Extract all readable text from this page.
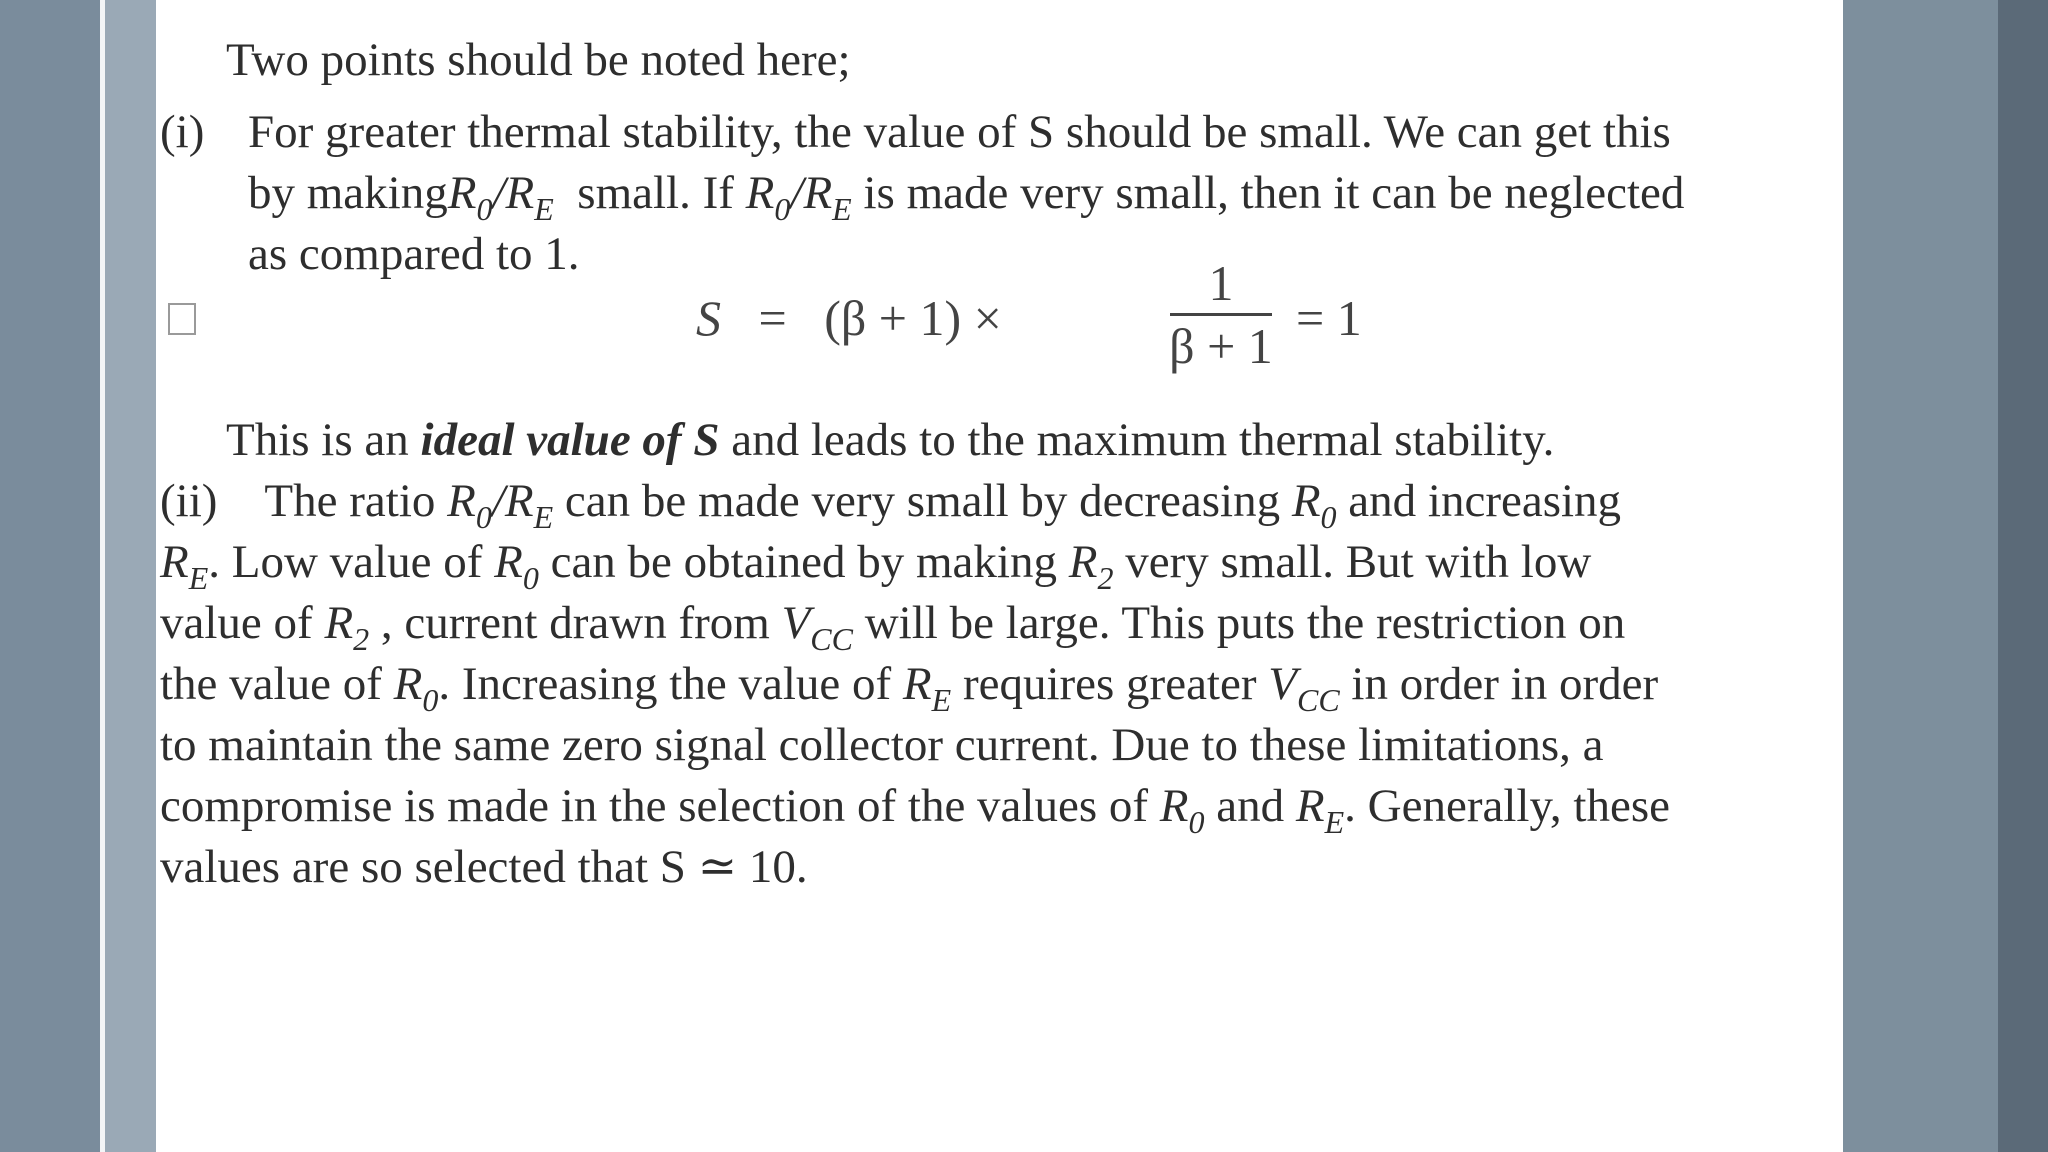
Two points should be noted here;
(i) For greater thermal stability, the value of S should be small. We can get this
by $makingR_0/R_E$ small. If $R_0/R_E$ is made very small, then it can be neglected
as compared to 1.
S = (β + 1) ×
1
β + 1 = 1
This is an ideal value of S and leads to the maximum thermal stability.
(ii) The ratio $R_0/R_E$ can be made very small by decreasing $R_0$ and increasing
$R_E$. Low value of $R_0$ can be obtained by making $R_2$ very small. But with low
value of $R_2$ , current drawn from $V_{CC}$ will be large. This puts the restriction on
the value of $R_0$. Increasing the value of $R_E$ requires greater $V_{CC}$ in order in order
to maintain the same zero signal collector current. Due to these limitations, a
compromise is made in the selection of the values of $R_0$ and $R_E$. Generally, these
values are so selected that S ≃ 10.
